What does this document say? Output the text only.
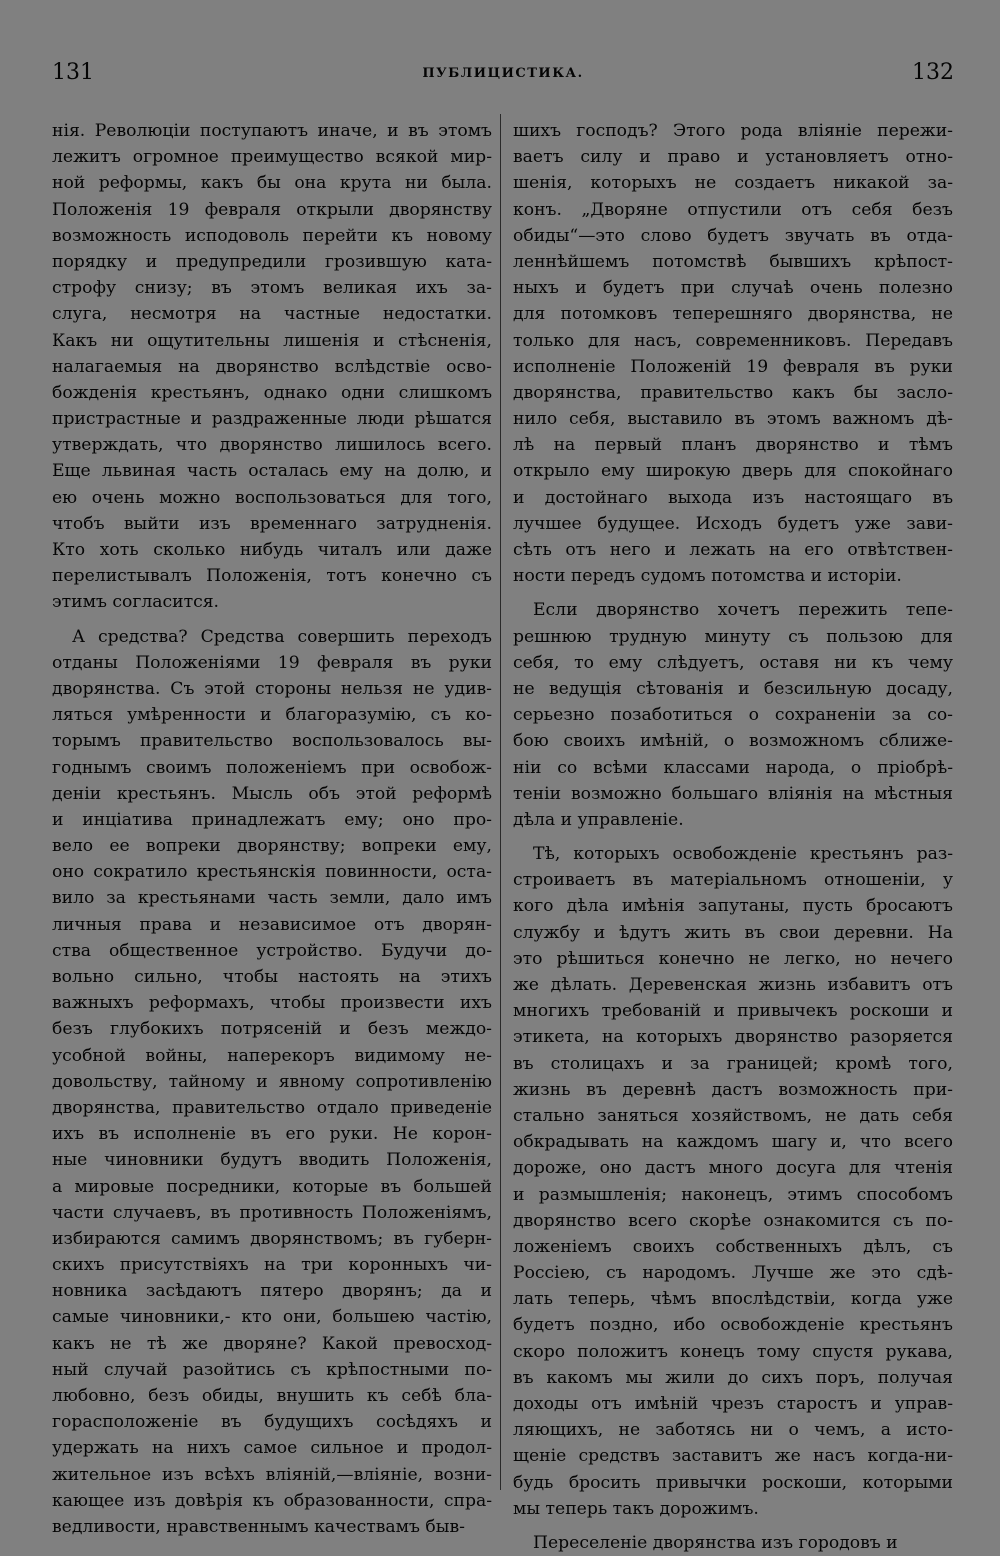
131	ПУБЛИЦИСТИКА.	132
нія. Революціи поступаютъ иначе, и въ этомъ
лежитъ огромное преимущество всякой мир-
ной реформы, какъ бы она крута ни была.
Положенія 19 февраля открыли дворянству
возможность исподоволь перейти къ новому
порядку и предупредили грозившую ката-
строфу снизу; въ этомъ великая ихъ за-
слуга, несмотря на частные недостатки.
Какъ ни ощутительны лишенія и стѣсненія,
налагаемыя на дворянство вслѣдствіе осво-
божденія крестьянъ, однако одни слишкомъ
пристрастные и раздраженные люди рѣшатся
утверждать, что дворянство лишилось всего.
Еще львиная часть осталась ему на долю, и
ею очень можно воспользоваться для того,
чтобъ выйти изъ временнаго затрудненія.
Кто хоть сколько нибудь читалъ или даже
перелистывалъ Положенія, тотъ конечно съ
этимъ согласится.
А средства? Средства совершить переходъ
отданы Положеніями 19 февраля въ руки
дворянства. Съ этой стороны нельзя не удив-
ляться умѣренности и благоразумію, съ ко-
торымъ правительство воспользовалось вы-
годнымъ своимъ положеніемъ при освобож-
деніи крестьянъ. Мысль объ этой реформѣ
и инціатива принадлежатъ ему; оно про-
вело ее вопреки дворянству; вопреки ему,
оно сократило крестьянскія повинности, оста-
вило за крестьянами часть земли, дало имъ
личныя права и независимое отъ дворян-
ства общественное устройство. Будучи до-
вольно сильно, чтобы настоять на этихъ
важныхъ реформахъ, чтобы произвести ихъ
безъ глубокихъ потрясеній и безъ междо-
усобной войны, наперекоръ видимому не-
довольству, тайному и явному сопротивленію
дворянства, правительство отдало приведеніе
ихъ въ исполненіе въ его руки. Не корон-
ные чиновники будутъ вводить Положенія,
а мировые посредники, которые въ большей
части случаевъ, въ противность Положеніямъ,
избираются самимъ дворянствомъ; въ губерн-
скихъ присутствіяхъ на три коронныхъ чи-
новника засѣдаютъ пятеро дворянъ; да и
самые чиновники,- кто они, большею частію,
какъ не тѣ же дворяне? Какой превосход-
ный случай разойтись съ крѣпостными по-
любовно, безъ обиды, внушить къ себѣ бла-
горасположеніе въ будущихъ сосѣдяхъ и
удержать на нихъ самое сильное и продол-
жительное изъ всѣхъ вліяній,—вліяніе, возни-
кающее изъ довѣрія къ образованности, спра-
ведливости, нравственнымъ качествамъ быв-
шихъ господъ? Этого рода вліяніе пережи-
ваетъ силу и право и установляетъ отно-
шенія, которыхъ не создаетъ никакой за-
конъ. „Дворяне отпустили отъ себя безъ
обиды“—это слово будетъ звучать въ отда-
леннѣйшемъ потомствѣ бывшихъ крѣпост-
ныхъ и будетъ при случаѣ очень полезно
для потомковъ теперешняго дворянства, не
только для насъ, современниковъ. Передавъ
исполненіе Положеній 19 февраля въ руки
дворянства, правительство какъ бы засло-
нило себя, выставило въ этомъ важномъ дѣ-
лѣ на первый планъ дворянство и тѣмъ
открыло ему широкую дверь для спокойнаго
и достойнаго выхода изъ настоящаго въ
лучшее будущее. Исходъ будетъ уже зави-
сѣть отъ него и лежать на его отвѣтствен-
ности передъ судомъ потомства и исторіи.
Если дворянство хочетъ пережить тепе-
решнюю трудную минуту съ пользою для
себя, то ему слѣдуетъ, оставя ни къ чему
не ведущія сѣтованія и безсильную досаду,
серьезно позаботиться о сохраненіи за со-
бою своихъ имѣній, о возможномъ сближе-
ніи со всѣми классами народа, о пріобрѣ-
теніи возможно большаго вліянія на мѣстныя
дѣла и управленіе.
Тѣ, которыхъ освобожденіе крестьянъ раз-
строиваетъ въ матеріальномъ отношеніи, у
кого дѣла имѣнія запутаны, пусть бросаютъ
службу и ѣдутъ жить въ свои деревни. На
это рѣшиться конечно не легко, но нечего
же дѣлать. Деревенская жизнь избавитъ отъ
многихъ требованій и привычекъ роскоши и
этикета, на которыхъ дворянство разоряется
въ столицахъ и за границей; кромѣ того,
жизнь въ деревнѣ дастъ возможность при-
стально заняться хозяйствомъ, не дать себя
обкрадывать на каждомъ шагу и, что всего
дороже, оно дастъ много досуга для чтенія
и размышленія; наконецъ, этимъ способомъ
дворянство всего скорѣе ознакомится съ по-
ложеніемъ своихъ собственныхъ дѣлъ, съ
Россіею, съ народомъ. Лучше же это сдѣ-
лать теперь, чѣмъ впослѣдствіи, когда уже
будетъ поздно, ибо освобожденіе крестьянъ
скоро положитъ конецъ тому спустя рукава,
въ какомъ мы жили до сихъ поръ, получая
доходы отъ имѣній чрезъ старостъ и управ-
ляющихъ, не заботясь ни о чемъ, а исто-
щеніе средствъ заставитъ же насъ когда-ни-
будь бросить привычки роскоши, которыми
мы теперь такъ дорожимъ.
Переселеніе дворянства изъ городовъ и
